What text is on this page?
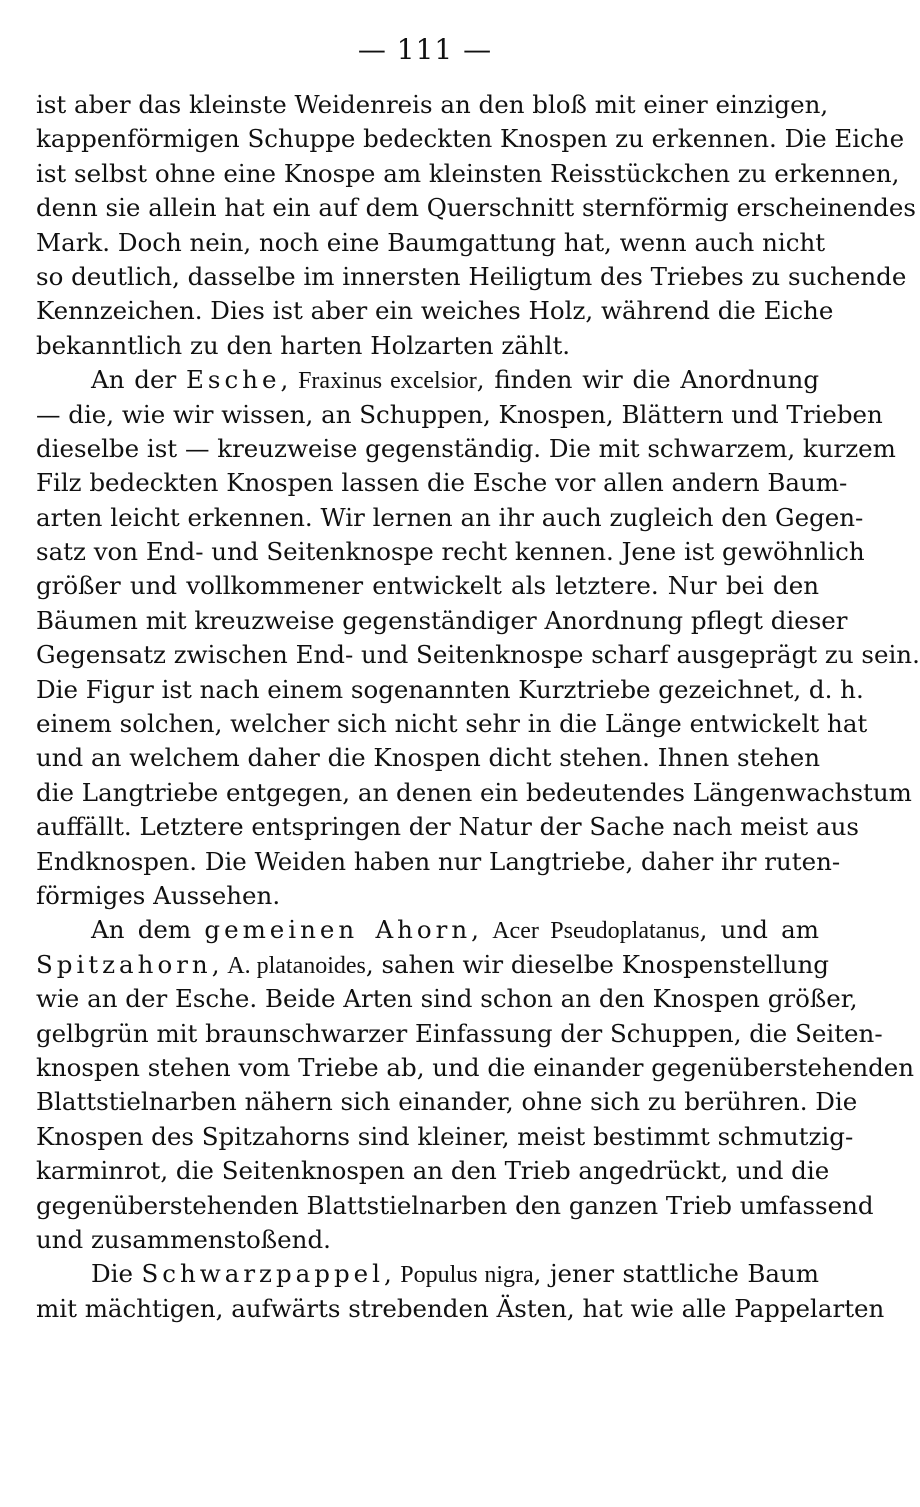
— 111 —
ist aber das kleinste Weidenreis an den bloß mit einer einzigen,
kappenförmigen Schuppe bedeckten Knospen zu erkennen. Die Eiche
ist selbst ohne eine Knospe am kleinsten Reisstückchen zu erkennen,
denn sie allein hat ein auf dem Querschnitt sternförmig erscheinendes
Mark. Doch nein, noch eine Baumgattung hat, wenn auch nicht
so deutlich, dasselbe im innersten Heiligtum des Triebes zu suchende
Kennzeichen. Dies ist aber ein weiches Holz, während die Eiche
bekanntlich zu den harten Holzarten zählt.
An der Esche, Fraxinus excelsior, finden wir die Anordnung
— die, wie wir wissen, an Schuppen, Knospen, Blättern und Trieben
dieselbe ist — kreuzweise gegenständig. Die mit schwarzem, kurzem
Filz bedeckten Knospen lassen die Esche vor allen andern Baum-
arten leicht erkennen. Wir lernen an ihr auch zugleich den Gegen-
satz von End- und Seitenknospe recht kennen. Jene ist gewöhnlich
größer und vollkommener entwickelt als letztere. Nur bei den
Bäumen mit kreuzweise gegenständiger Anordnung pflegt dieser
Gegensatz zwischen End- und Seitenknospe scharf ausgeprägt zu sein.
Die Figur ist nach einem sogenannten Kurztriebe gezeichnet, d. h.
einem solchen, welcher sich nicht sehr in die Länge entwickelt hat
und an welchem daher die Knospen dicht stehen. Ihnen stehen
die Langtriebe entgegen, an denen ein bedeutendes Längenwachstum
auffällt. Letztere entspringen der Natur der Sache nach meist aus
Endknospen. Die Weiden haben nur Langtriebe, daher ihr ruten-
förmiges Aussehen.
An dem gemeinen Ahorn, Acer Pseudoplatanus, und am
Spitzahorn, A. platanoides, sahen wir dieselbe Knospenstellung
wie an der Esche. Beide Arten sind schon an den Knospen größer,
gelbgrün mit braunschwarzer Einfassung der Schuppen, die Seiten-
knospen stehen vom Triebe ab, und die einander gegenüberstehenden
Blattstielnarben nähern sich einander, ohne sich zu berühren. Die
Knospen des Spitzahorns sind kleiner, meist bestimmt schmutzig-
karminrot, die Seitenknospen an den Trieb angedrückt, und die
gegenüberstehenden Blattstielnarben den ganzen Trieb umfassend
und zusammenstoßend.
Die Schwarzpappel, Populus nigra, jener stattliche Baum
mit mächtigen, aufwärts strebenden Ästen, hat wie alle Pappelarten
